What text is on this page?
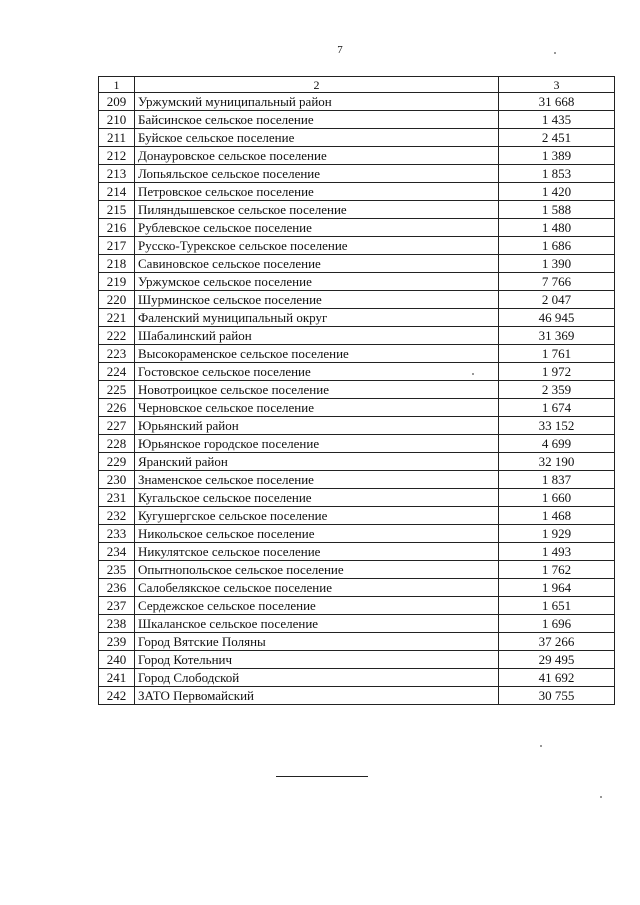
7
1	2	3
209	Уржумский муниципальный район	31 668
210	Байсинское сельское поселение	1 435
211	Буйское сельское поселение	2 451
212	Донауровское сельское поселение	1 389
213	Лопьяльское сельское поселение	1 853
214	Петровское сельское поселение	1 420
215	Пиляндышевское сельское поселение	1 588
216	Рублевское сельское поселение	1 480
217	Русско-Турекское сельское поселение	1 686
218	Савиновское сельское поселение	1 390
219	Уржумское сельское поселение	7 766
220	Шурминское сельское поселение	2 047
221	Фаленский муниципальный округ	46 945
222	Шабалинский район	31 369
223	Высокораменское сельское поселение	1 761
224	Гостовское сельское поселение	1 972
225	Новотроицкое сельское поселение	2 359
226	Черновское сельское поселение	1 674
227	Юрьянский район	33 152
228	Юрьянское городское поселение	4 699
229	Яранский район	32 190
230	Знаменское сельское поселение	1 837
231	Кугальское сельское поселение	1 660
232	Кугушергское сельское поселение	1 468
233	Никольское сельское поселение	1 929
234	Никулятское сельское поселение	1 493
235	Опытнопольское сельское поселение	1 762
236	Салобелякское сельское поселение	1 964
237	Сердежское сельское поселение	1 651
238	Шкаланское сельское поселение	1 696
239	Город Вятские Поляны	37 266
240	Город Котельнич	29 495
241	Город Слободской	41 692
242	ЗАТО Первомайский	30 755
